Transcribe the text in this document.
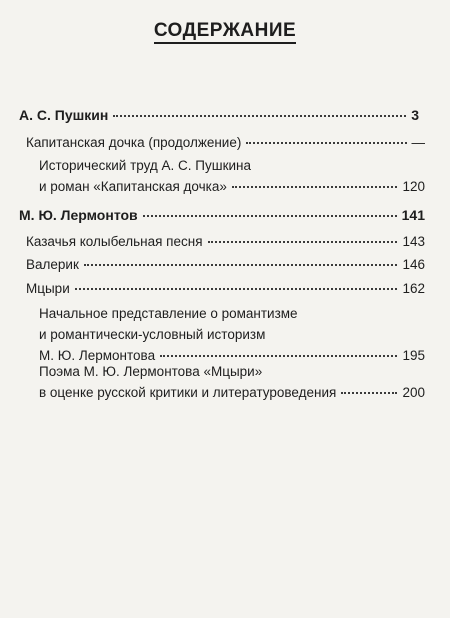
СОДЕРЖАНИЕ
А. С. Пушкин	3
Капитанская дочка (продолжение)	—
Исторический труд А. С. Пушкина
и роман «Капитанская дочка»	120
М. Ю. Лермонтов	141
Казачья колыбельная песня	143
Валерик	146
Мцыри	162
Начальное представление о романтизме
и романтически-условный историзм
М. Ю. Лермонтова	195
Поэма М. Ю. Лермонтова «Мцыри»
в оценке русской критики и литературоведения	200
